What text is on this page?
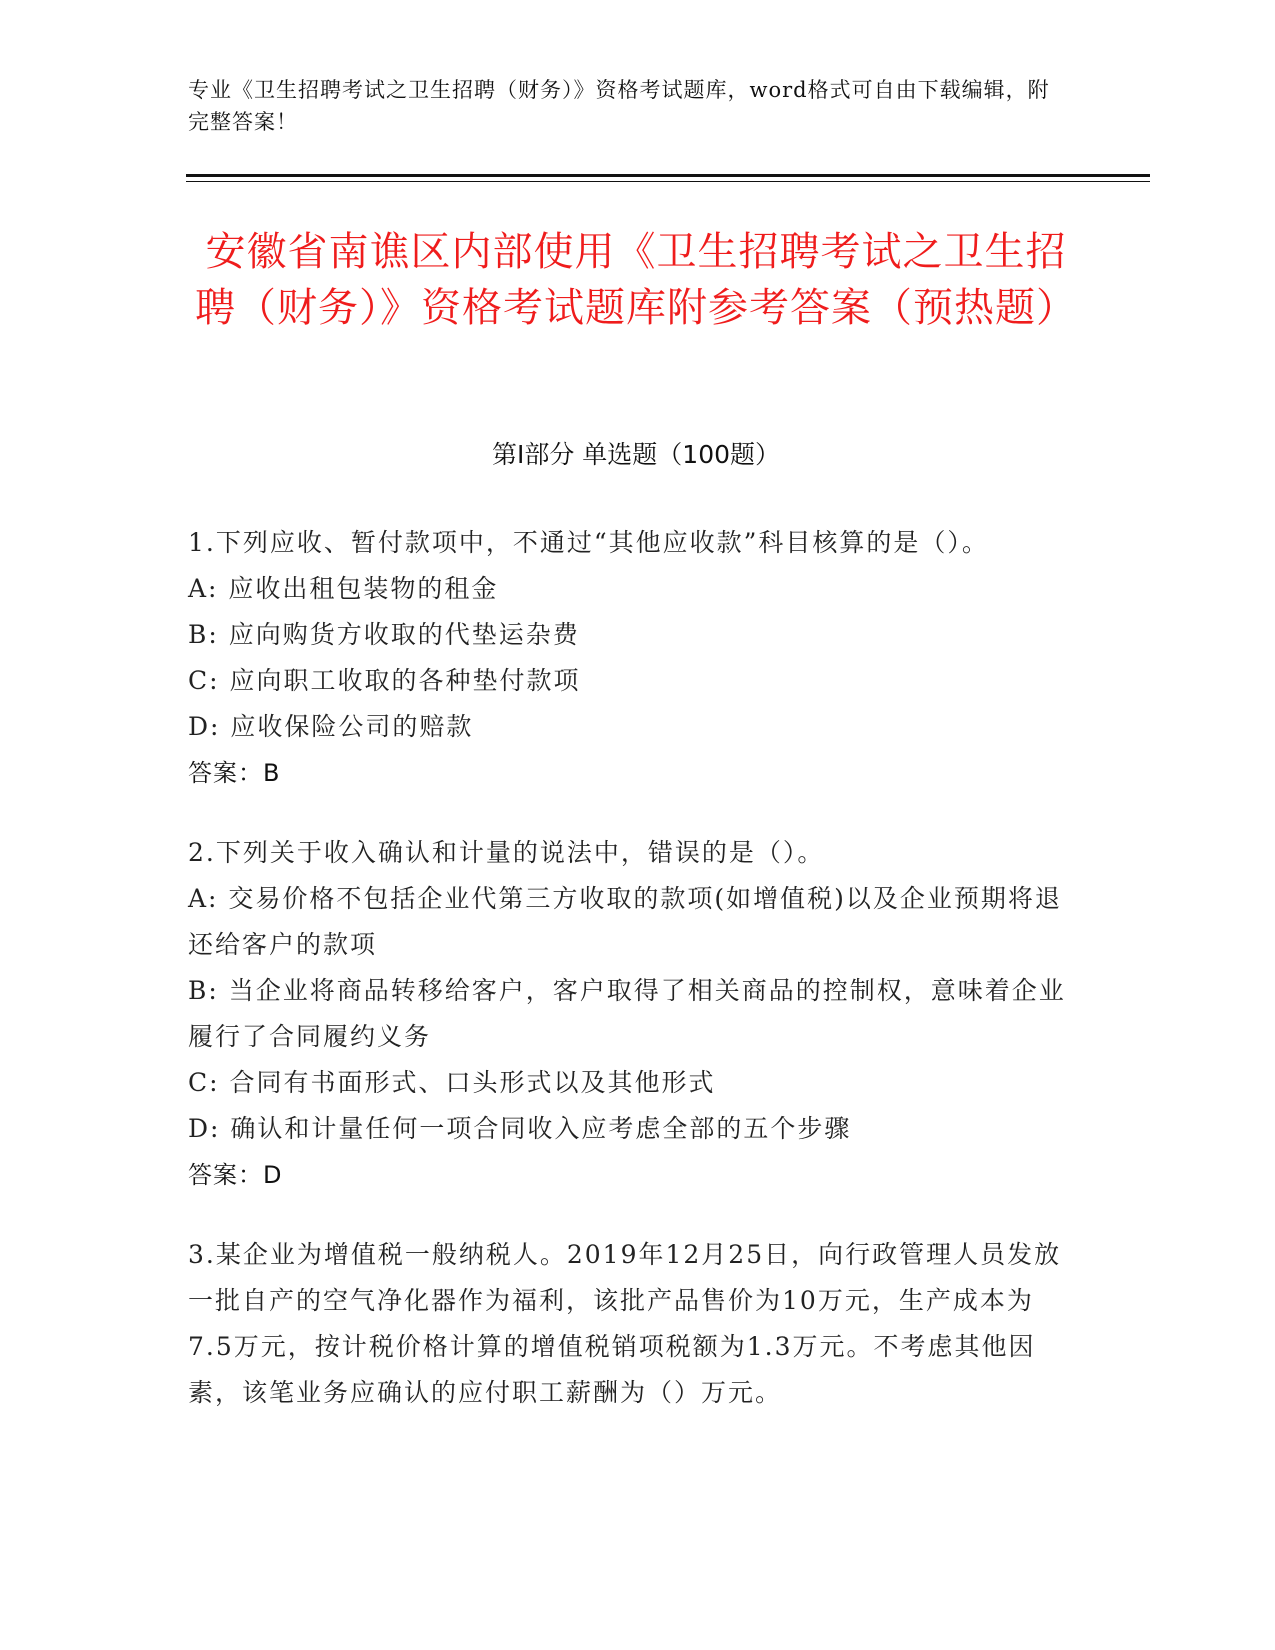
专业《卫生招聘考试之卫生招聘（财务）》资格考试题库，word格式可自由下载编辑，附完整答案！
安徽省南谯区内部使用《卫生招聘考试之卫生招聘（财务）》资格考试题库附参考答案（预热题）
第Ⅰ部分 单选题（100题）

1.下列应收、暂付款项中，不通过“其他应收款”科目核算的是（）。

A: 应收出租包装物的租金

B: 应向购货方收取的代垫运杂费

C: 应向职工收取的各种垫付款项

D: 应收保险公司的赔款

答案：B

2.下列关于收入确认和计量的说法中，错误的是（）。

A: 交易价格不包括企业代第三方收取的款项(如增值税)以及企业预期将退还给客户的款项

B: 当企业将商品转移给客户，客户取得了相关商品的控制权，意味着企业履行了合同履约义务

C: 合同有书面形式、口头形式以及其他形式

D: 确认和计量任何一项合同收入应考虑全部的五个步骤

答案：D

3.某企业为增值税一般纳税人。2019年12月25日，向行政管理人员发放一批自产的空气净化器作为福利，该批产品售价为10万元，生产成本为7.5万元，按计税价格计算的增值税销项税额为1.3万元。不考虑其他因素，该笔业务应确认的应付职工薪酬为（）万元。
